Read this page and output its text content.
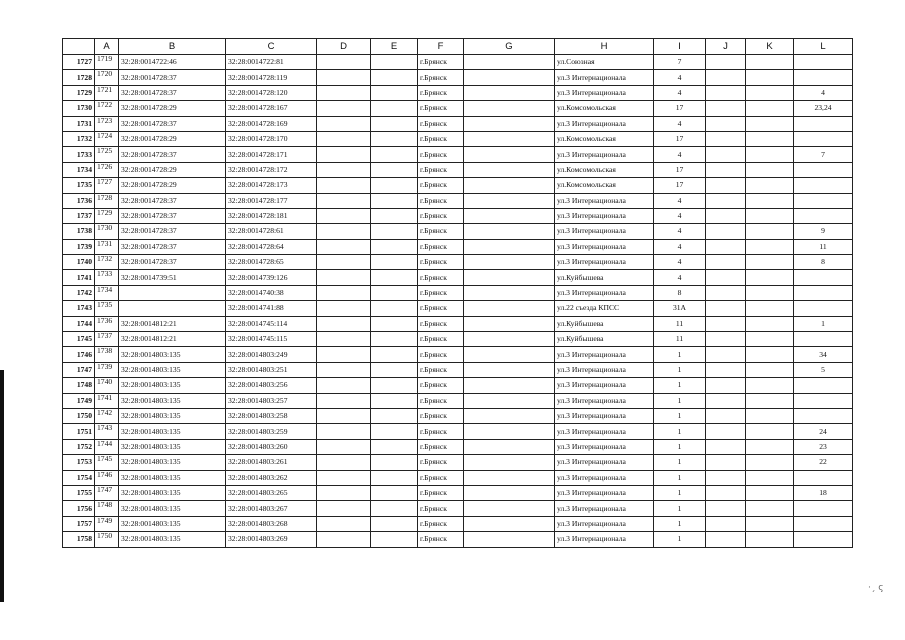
	A	B	C	D	E	F	G	H	I	J	K	L
1727	1719	32:28:0014722:46	32:28:0014722:81			г.Брянск		ул.Союзная	7			
1728	1720	32:28:0014728:37	32:28:0014728:119			г.Брянск		ул.3 Интернационала	4			
1729	1721	32:28:0014728:37	32:28:0014728:120			г.Брянск		ул.3 Интернационала	4			4
1730	1722	32:28:0014728:29	32:28:0014728:167			г.Брянск		ул.Комсомольская	17			23,24
1731	1723	32:28:0014728:37	32:28:0014728:169			г.Брянск		ул.3 Интернационала	4			
1732	1724	32:28:0014728:29	32:28:0014728:170			г.Брянск		ул.Комсомольская	17			
1733	1725	32:28:0014728:37	32:28:0014728:171			г.Брянск		ул.3 Интернационала	4			7
1734	1726	32:28:0014728:29	32:28:0014728:172			г.Брянск		ул.Комсомольская	17			
1735	1727	32:28:0014728:29	32:28:0014728:173			г.Брянск		ул.Комсомольская	17			
1736	1728	32:28:0014728:37	32:28:0014728:177			г.Брянск		ул.3 Интернационала	4			
1737	1729	32:28:0014728:37	32:28:0014728:181			г.Брянск		ул.3 Интернационала	4			
1738	1730	32:28:0014728:37	32:28:0014728:61			г.Брянск		ул.3 Интернационала	4			9
1739	1731	32:28:0014728:37	32:28:0014728:64			г.Брянск		ул.3 Интернационала	4			11
1740	1732	32:28:0014728:37	32:28:0014728:65			г.Брянск		ул.3 Интернационала	4			8
1741	1733	32:28:0014739:51	32:28:0014739:126			г.Брянск		ул.Куйбышева	4			
1742	1734		32:28:0014740:38			г.Брянск		ул.3 Интернационала	8			
1743	1735		32:28:0014741:88			г.Брянск		ул.22 съезда КПСС	31А			
1744	1736	32:28:0014812:21	32:28:0014745:114			г.Брянск		ул.Куйбышева	11			1
1745	1737	32:28:0014812:21	32:28:0014745:115			г.Брянск		ул.Куйбышева	11			
1746	1738	32:28:0014803:135	32:28:0014803:249			г.Брянск		ул.3 Интернационала	1			34
1747	1739	32:28:0014803:135	32:28:0014803:251			г.Брянск		ул.3 Интернационала	1			5
1748	1740	32:28:0014803:135	32:28:0014803:256			г.Брянск		ул.3 Интернационала	1			
1749	1741	32:28:0014803:135	32:28:0014803:257			г.Брянск		ул.3 Интернационала	1			
1750	1742	32:28:0014803:135	32:28:0014803:258			г.Брянск		ул.3 Интернационала	1			
1751	1743	32:28:0014803:135	32:28:0014803:259			г.Брянск		ул.3 Интернационала	1			24
1752	1744	32:28:0014803:135	32:28:0014803:260			г.Брянск		ул.3 Интернационала	1			23
1753	1745	32:28:0014803:135	32:28:0014803:261			г.Брянск		ул.3 Интернационала	1			22
1754	1746	32:28:0014803:135	32:28:0014803:262			г.Брянск		ул.3 Интернационала	1			
1755	1747	32:28:0014803:135	32:28:0014803:265			г.Брянск		ул.3 Интернационала	1			18
1756	1748	32:28:0014803:135	32:28:0014803:267			г.Брянск		ул.3 Интернационала	1			
1757	1749	32:28:0014803:135	32:28:0014803:268			г.Брянск		ул.3 Интернационала	1			
1758	1750	32:28:0014803:135	32:28:0014803:269			г.Брянск		ул.3 Интернационала	1			
·ˏ ς
